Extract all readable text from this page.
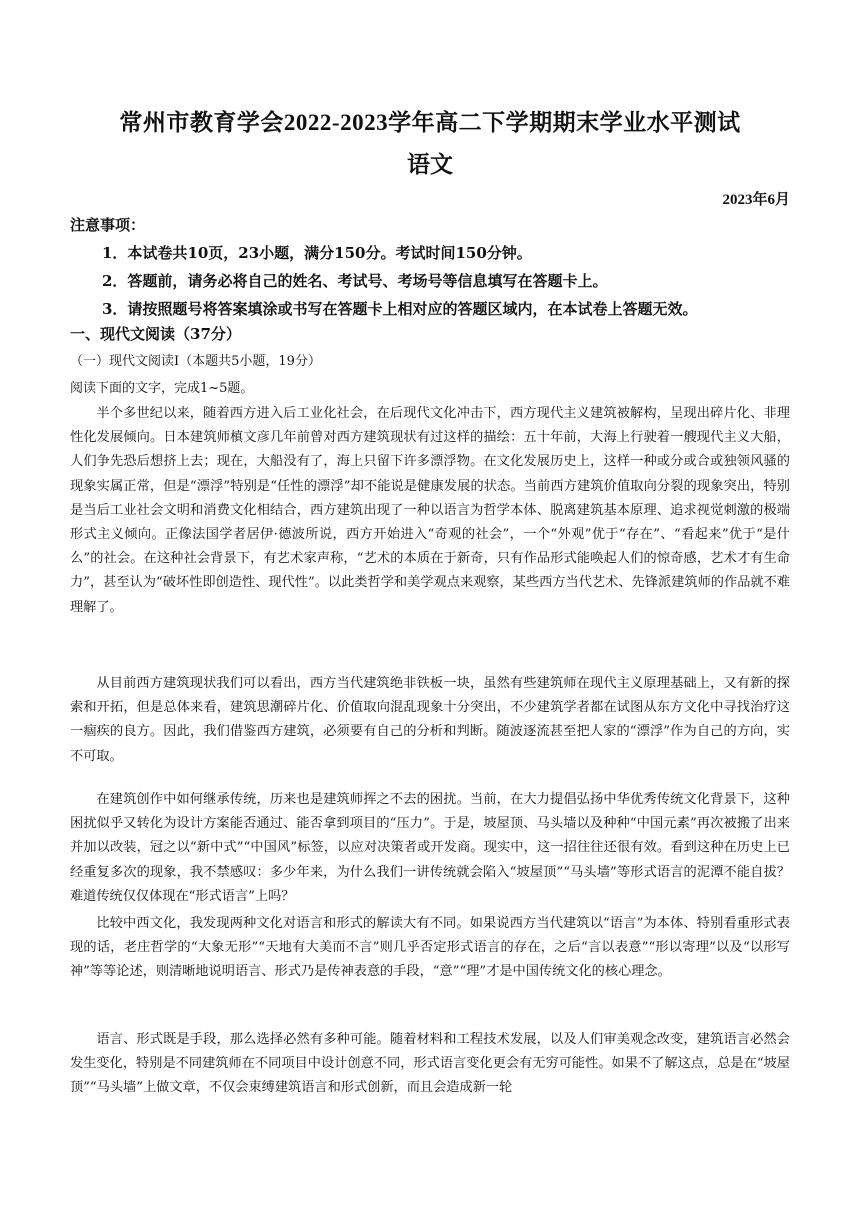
常州市教育学会2022-2023学年高二下学期期末学业水平测试
语文
2023年6月
注意事项：
1．本试卷共10页，23小题，满分150分。考试时间150分钟。
2．答题前，请务必将自己的姓名、考试号、考场号等信息填写在答题卡上。
3．请按照题号将答案填涂或书写在答题卡上相对应的答题区域内，在本试卷上答题无效。
一、现代文阅读（37分）
（一）现代文阅读I（本题共5小题，19分）
阅读下面的文字，完成1~5题。
半个多世纪以来，随着西方进入后工业化社会，在后现代文化冲击下，西方现代主义建筑被解构，呈现出碎片化、非理性化发展倾向。日本建筑师槙文彦几年前曾对西方建筑现状有过这样的描绘：五十年前，大海上行驶着一艘现代主义大船，人们争先恐后想挤上去；现在，大船没有了，海上只留下许多漂浮物。在文化发展历史上，这样一种或分或合或独领风骚的现象实属正常，但是“漂浮”特别是“任性的漂浮”却不能说是健康发展的状态。当前西方建筑价值取向分裂的现象突出，特别是当后工业社会文明和消费文化相结合，西方建筑出现了一种以语言为哲学本体、脱离建筑基本原理、追求视觉刺激的极端形式主义倾向。正像法国学者居伊·德波所说，西方开始进入“奇观的社会”，一个“外观”优于“存在”、“看起来”优于“是什么”的社会。在这种社会背景下，有艺术家声称，“艺术的本质在于新奇，只有作品形式能唤起人们的惊奇感，艺术才有生命力”，甚至认为“破坏性即创造性、现代性”。以此类哲学和美学观点来观察，某些西方当代艺术、先锋派建筑师的作品就不难理解了。
从目前西方建筑现状我们可以看出，西方当代建筑绝非铁板一块，虽然有些建筑师在现代主义原理基础上，又有新的探索和开拓，但是总体来看，建筑思潮碎片化、价值取向混乱现象十分突出，不少建筑学者都在试图从东方文化中寻找治疗这一痼疾的良方。因此，我们借鉴西方建筑，必须要有自己的分析和判断。随波逐流甚至把人家的“漂浮”作为自己的方向，实不可取。
在建筑创作中如何继承传统，历来也是建筑师挥之不去的困扰。当前，在大力提倡弘扬中华优秀传统文化背景下，这种困扰似乎又转化为设计方案能否通过、能否拿到项目的“压力”。于是，坡屋顶、马头墙以及种种“中国元素”再次被搬了出来并加以改装，冠之以“新中式”“中国风”标签，以应对决策者或开发商。现实中，这一招往往还很有效。看到这种在历史上已经重复多次的现象，我不禁感叹：多少年来，为什么我们一讲传统就会陷入“坡屋顶”“马头墙”等形式语言的泥潭不能自拔？难道传统仅仅体现在“形式语言”上吗？
比较中西文化，我发现两种文化对语言和形式的解读大有不同。如果说西方当代建筑以“语言”为本体、特别看重形式表现的话，老庄哲学的“大象无形”“天地有大美而不言”则几乎否定形式语言的存在，之后“言以表意”“形以寄理”以及“以形写神”等等论述，则清晰地说明语言、形式乃是传神表意的手段，“意”“理”才是中国传统文化的核心理念。
语言、形式既是手段，那么选择必然有多种可能。随着材料和工程技术发展，以及人们审美观念改变，建筑语言必然会发生变化，特别是不同建筑师在不同项目中设计创意不同，形式语言变化更会有无穷可能性。如果不了解这点，总是在“坡屋顶”“马头墙”上做文章，不仅会束缚建筑语言和形式创新，而且会造成新一轮
